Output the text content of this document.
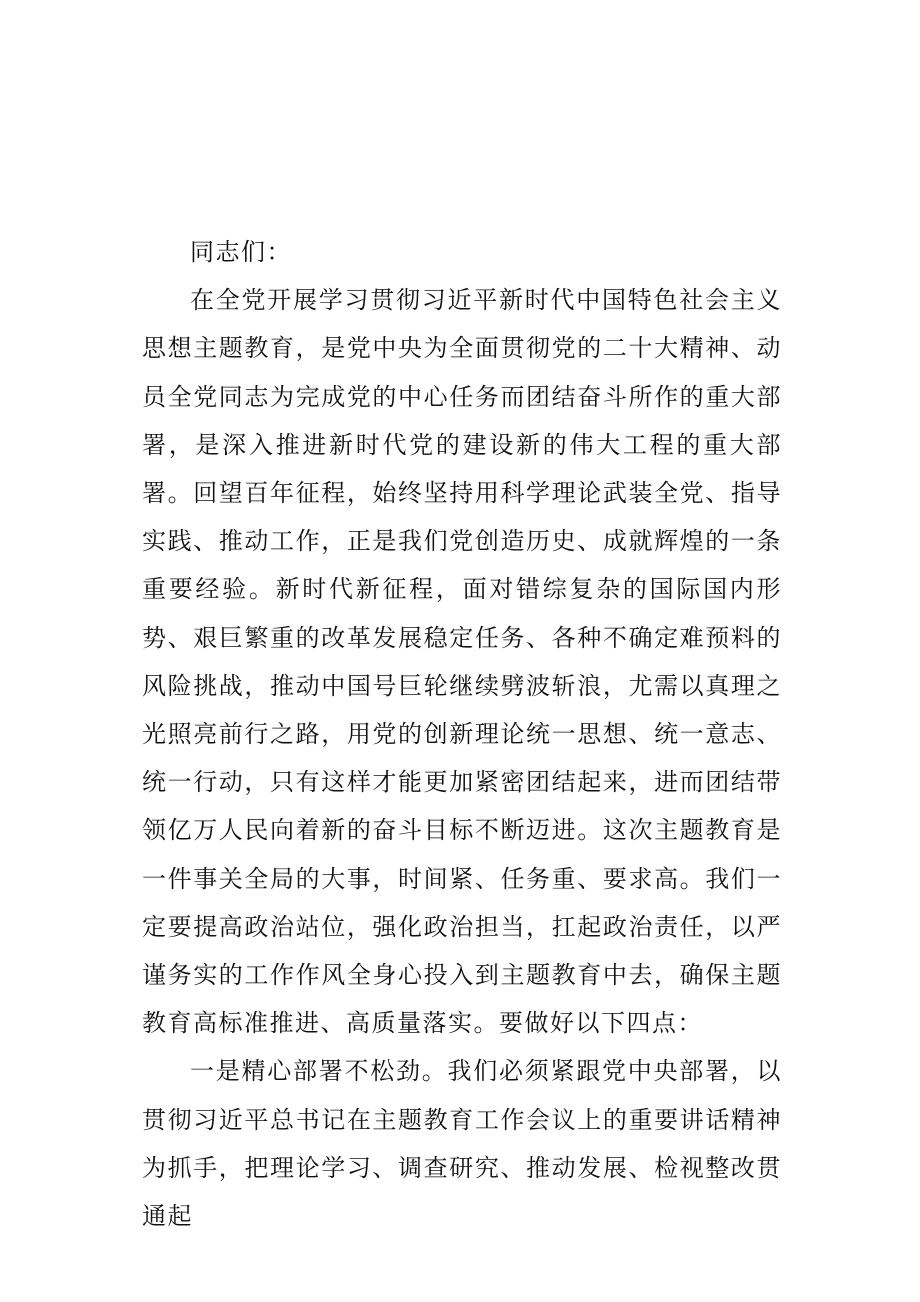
同志们：

在全党开展学习贯彻习近平新时代中国特色社会主义思想主题教育，是党中央为全面贯彻党的二十大精神、动员全党同志为完成党的中心任务而团结奋斗所作的重大部署，是深入推进新时代党的建设新的伟大工程的重大部署。回望百年征程，始终坚持用科学理论武装全党、指导实践、推动工作，正是我们党创造历史、成就辉煌的一条重要经验。新时代新征程，面对错综复杂的国际国内形势、艰巨繁重的改革发展稳定任务、各种不确定难预料的风险挑战，推动中国号巨轮继续劈波斩浪，尤需以真理之光照亮前行之路，用党的创新理论统一思想、统一意志、统一行动，只有这样才能更加紧密团结起来，进而团结带领亿万人民向着新的奋斗目标不断迈进。这次主题教育是一件事关全局的大事，时间紧、任务重、要求高。我们一定要提高政治站位，强化政治担当，扛起政治责任，以严谨务实的工作作风全身心投入到主题教育中去，确保主题教育高标准推进、高质量落实。要做好以下四点：

一是精心部署不松劲。我们必须紧跟党中央部署，以贯彻习近平总书记在主题教育工作会议上的重要讲话精神为抓手，把理论学习、调查研究、推动发展、检视整改贯通起
